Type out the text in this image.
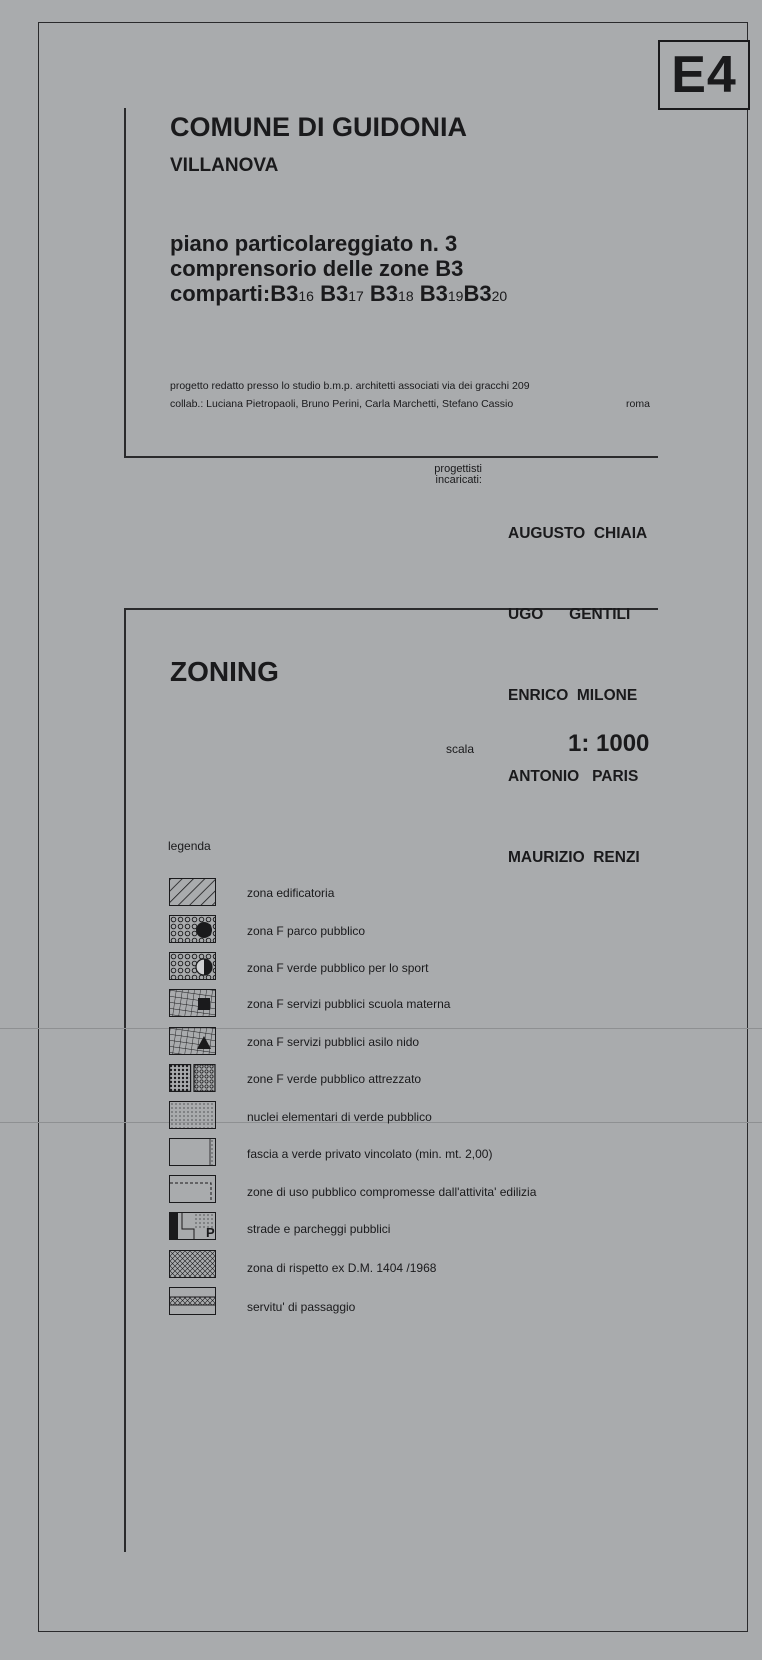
E4
COMUNE DI GUIDONIA
VILLANOVA
piano particolareggiato n. 3
comprensorio delle zone B3
comparti:B316 B317 B318 B319B320
progetto redatto presso lo studio b.m.p. architetti associati via dei gracchi 209
collab.: Luciana Pietropaoli, Bruno Perini, Carla Marchetti, Stefano Cassio	roma
progettisti
incaricati:

AUGUSTO  CHIAIA

UGO      GENTILI

ENRICO  MILONE

ANTONIO   PARIS

MAURIZIO  RENZI

ZONING
scala	1: 1000
legenda
P
zona edificatoria
zona F parco pubblico
zona F verde pubblico per lo sport
zona F servizi pubblici scuola materna
zona F servizi pubblici asilo nido
zone F verde pubblico attrezzato
nuclei elementari di verde pubblico
fascia a verde privato vincolato (min. mt. 2,00)
zone di uso pubblico compromesse dall'attivita' edilizia
strade e parcheggi pubblici
zona di rispetto ex D.M. 1404 /1968
servitu' di passaggio
